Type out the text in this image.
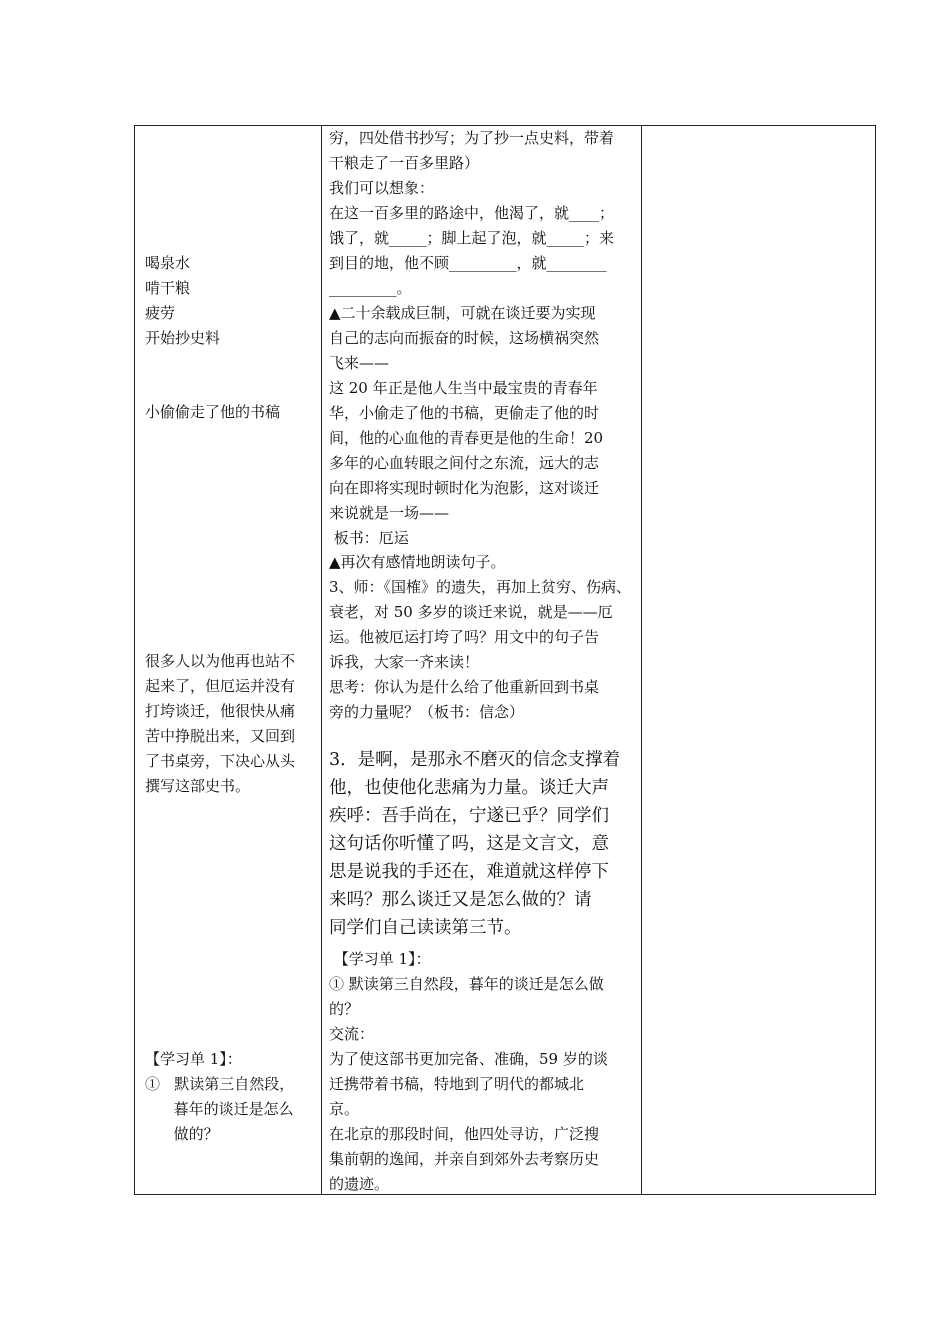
喝泉水
啃干粮
疲劳
开始抄史料
小偷偷走了他的书稿
很多人以为他再也站不
起来了，但厄运并没有
打垮谈迁，他很快从痛
苦中挣脱出来，又回到
了书桌旁，下决心从头
撰写这部史书。
【学习单 1】：
①   默读第三自然段，
暮年的谈迁是怎么
做的？
穷，四处借书抄写；为了抄一点史料，带着
干粮走了一百多里路）
我们可以想象：
在这一百多里的路途中，他渴了，就____；
饿了，就_____；脚上起了泡，就_____；来
到目的地，他不顾_________，就________
_________。
▲二十余载成巨制，可就在谈迁要为实现
自己的志向而振奋的时候，这场横祸突然
飞来——
这 20 年正是他人生当中最宝贵的青春年
华，小偷走了他的书稿，更偷走了他的时
间，他的心血他的青春更是他的生命！20
多年的心血转眼之间付之东流，远大的志
向在即将实现时顿时化为泡影，这对谈迁
来说就是一场——
板书：厄运
▲再次有感情地朗读句子。
3、师：《国榷》的遗失，再加上贫穷、伤病、
衰老，对 50 多岁的谈迁来说，就是——厄
运。他被厄运打垮了吗？用文中的句子告
诉我，大家一齐来读！
思考：你认为是什么给了他重新回到书桌
旁的力量呢？（板书：信念）
3．是啊，是那永不磨灭的信念支撑着
他，也使他化悲痛为力量。谈迁大声
疾呼：吾手尚在，宁遂已乎？同学们
这句话你听懂了吗，这是文言文，意
思是说我的手还在，难道就这样停下
来吗？那么谈迁又是怎么做的？请
同学们自己读读第三节。
【学习单 1】：
① 默读第三自然段，暮年的谈迁是怎么做
的？
交流：
为了使这部书更加完备、准确，59 岁的谈
迁携带着书稿，特地到了明代的都城北
京。
在北京的那段时间，他四处寻访，广泛搜
集前朝的逸闻，并亲自到郊外去考察历史
的遗迹。
